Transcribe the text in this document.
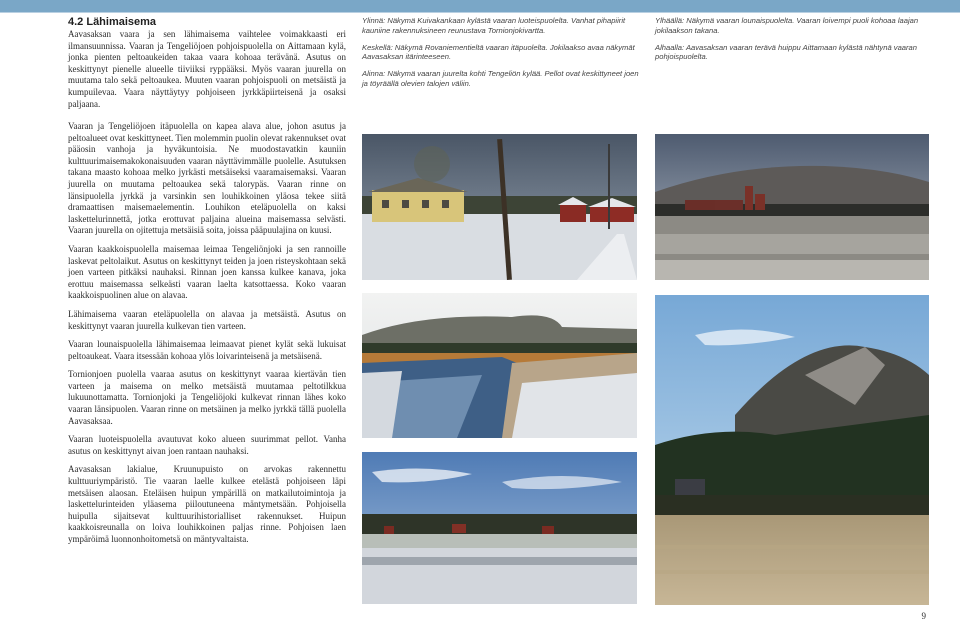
4.2 Lähimaisema

Aavasaksan vaara ja sen lähimaisema vaihtelee voimakkaasti eri ilmansuunnissa. Vaaran ja Tengeliöjoen pohjoispuolella on Aittamaan kylä, jonka pienten peltoaukeiden takaa vaara kohoaa terävänä. Asutus on keskittynyt pienelle alueelle tiiviiksi ryppääksi. Myös vaaran juurella on muutama talo sekä peltoaukea. Muuten vaaran pohjoispuoli on metsäistä ja kumpuilevaa. Vaara näyttäytyy pohjoiseen jyrkkäpiirteisenä ja osaksi paljaana.

Vaaran ja Tengeliöjoen itäpuolella on kapea alava alue, johon asutus ja peltoalueet ovat keskittyneet. Tien molemmin puolin olevat rakennukset ovat pääosin vanhoja ja hyväkuntoisia. Ne muodostavatkin kauniin kulttuurimaisemakokonaisuuden vaaran näyttävimmälle puolelle. Asutuksen takana maasto kohoaa melko jyrkästi metsäiseksi vaaramaisemaksi. Vaaran juurella on muutama peltoaukea sekä talorypäs. Vaaran rinne on länsipuolella jyrkkä ja varsinkin sen louhikkoinen yläosa tekee siitä dramaattisen maisemaelementin. Louhikon eteläpuolella on kaksi laskettelurinnettä, jotka erottuvat paljaina alueina maisemassa selvästi. Vaaran juurella on ojitettuja metsäisiä soita, joissa pääpuulajina on kuusi.

Vaaran kaakkoispuolella maisemaa leimaa Tengeliönjoki ja sen rannoille laskevat peltolaikut. Asutus on keskittynyt teiden ja joen risteyskohtaan sekä joen varteen pitkäksi nauhaksi. Rinnan joen kanssa kulkee kanava, joka erottuu maisemassa selkeästi vaaran laelta katsottaessa. Koko vaaran kaakkoispuolinen alue on alavaa.

Lähimaisema vaaran eteläpuolella on alavaa ja metsäistä. Asutus on keskittynyt vaaran juurella kulkevan tien varteen.

Vaaran lounaispuolella lähimaisemaa leimaavat pienet kylät sekä lukuisat peltoaukeat. Vaara itsessään kohoaa ylös loivarinteisenä ja metsäisenä.

Tornionjoen puolella vaaraa asutus on keskittynyt vaaraa kiertävän tien varteen ja maisema on melko metsäistä muutamaa peltotilkkua lukuunottamatta. Tornionjoki ja Tengeliöjoki kulkevat rinnan lähes koko vaaran länsipuolen. Vaaran rinne on metsäinen ja melko jyrkkä tällä puolella Aavasaksaa.

Vaaran luoteispuolella avautuvat koko alueen suurimmat pellot. Vanha asutus on keskittynyt aivan joen rantaan nauhaksi.

Aavasaksan lakialue, Kruunupuisto on arvokas rakennettu kulttuuriympäristö. Tie vaaran laelle kulkee etelästä pohjoiseen läpi metsäisen alaosan. Eteläisen huipun ympärillä on matkailutoimintoja ja laskettelurinteiden yläasema piiloutuneena mäntymetsään. Pohjoisella huipulla sijaitsevat kulttuurihistorialliset rakennukset. Huipun kaakkoisreunalla on loiva louhikkoinen paljas rinne. Pohjoisen laen ympäröimä luonnonhoitometsä on mäntyvaltaista.

Ylinnä: Näkymä Kuivakankaan kylästä vaaran luoteispuolelta. Vanhat pihapiirit kauniine rakennuksineen reunustava Tornionjokivartta.

Keskellä: Näkymä Rovaniementieltä vaaran itäpuolelta. Jokilaakso avaa näkymät Aavasaksan itärinteeseen.

Alinna: Näkymä vaaran juurelta kohti Tengeliön kylää. Pellot ovat keskittyneet joen ja töyräällä olevien talojen väliin.

Ylhäällä: Näkymä vaaran lounaispuolelta. Vaaran loivempi puoli kohoaa laajan jokilaakson takana.

Alhaalla: Aavasaksan vaaran terävä huippu Aittamaan kylästä nähtynä vaaran pohjoispuolelta.

9
